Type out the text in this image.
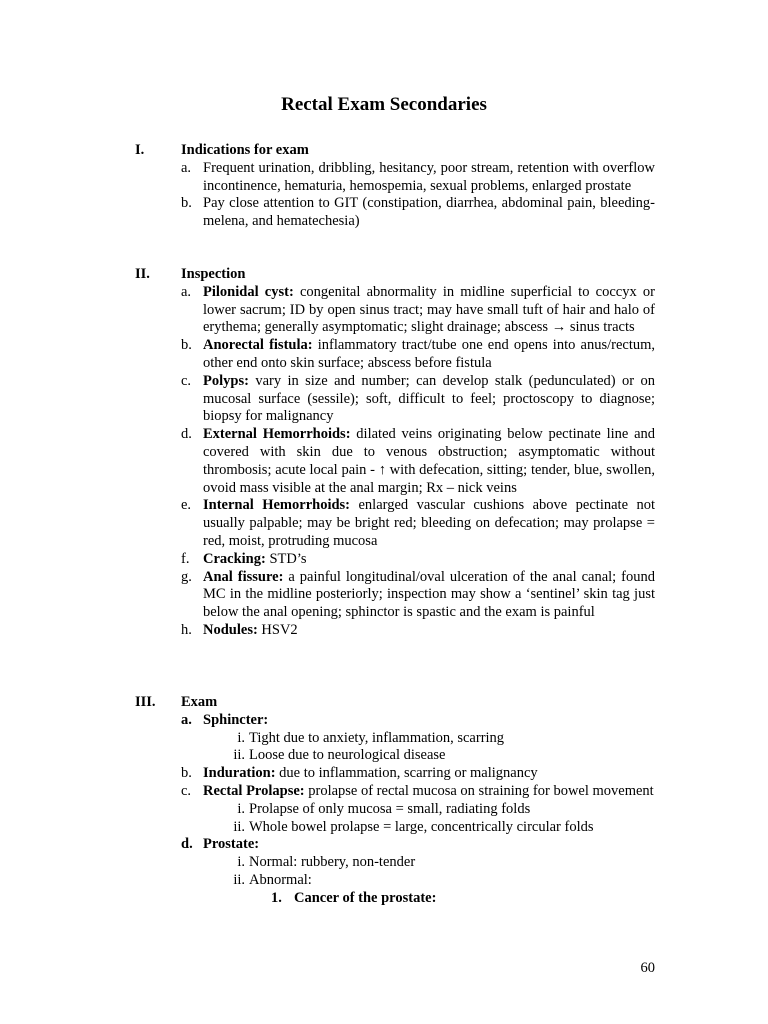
Rectal Exam Secondaries
I.	Indications for exam
a. Frequent urination, dribbling, hesitancy, poor stream, retention with overflow incontinence, hematuria, hemospemia, sexual problems, enlarged prostate
b. Pay close attention to GIT (constipation, diarrhea, abdominal pain, bleeding-melena, and hematechesia)
II. Inspection
a. Pilonidal cyst: congenital abnormality in midline superficial to coccyx or lower sacrum; ID by open sinus tract; may have small tuft of hair and halo of erythema; generally asymptomatic; slight drainage; abscess → sinus tracts
b. Anorectal fistula: inflammatory tract/tube one end opens into anus/rectum, other end onto skin surface; abscess before fistula
c. Polyps: vary in size and number; can develop stalk (pedunculated) or on mucosal surface (sessile); soft, difficult to feel; proctoscopy to diagnose; biopsy for malignancy
d. External Hemorrhoids: dilated veins originating below pectinate line and covered with skin due to venous obstruction; asymptomatic without thrombosis; acute local pain - ↑ with defecation, sitting; tender, blue, swollen, ovoid mass visible at the anal margin; Rx – nick veins
e. Internal Hemorrhoids: enlarged vascular cushions above pectinate not usually palpable; may be bright red; bleeding on defecation; may prolapse = red, moist, protruding mucosa
f. Cracking: STD’s
g. Anal fissure: a painful longitudinal/oval ulceration of the anal canal; found MC in the midline posteriorly; inspection may show a ‘sentinel’ skin tag just below the anal opening; sphinctor is spastic and the exam is painful
h. Nodules: HSV2
III. Exam
a. Sphincter:
i. Tight due to anxiety, inflammation, scarring
ii. Loose due to neurological disease
b. Induration: due to inflammation, scarring or malignancy
c. Rectal Prolapse: prolapse of rectal mucosa on straining for bowel movement
i. Prolapse of only mucosa = small, radiating folds
ii. Whole bowel prolapse = large, concentrically circular folds
d. Prostate:
i. Normal: rubbery, non-tender
ii. Abnormal:
1. Cancer of the prostate:
60
